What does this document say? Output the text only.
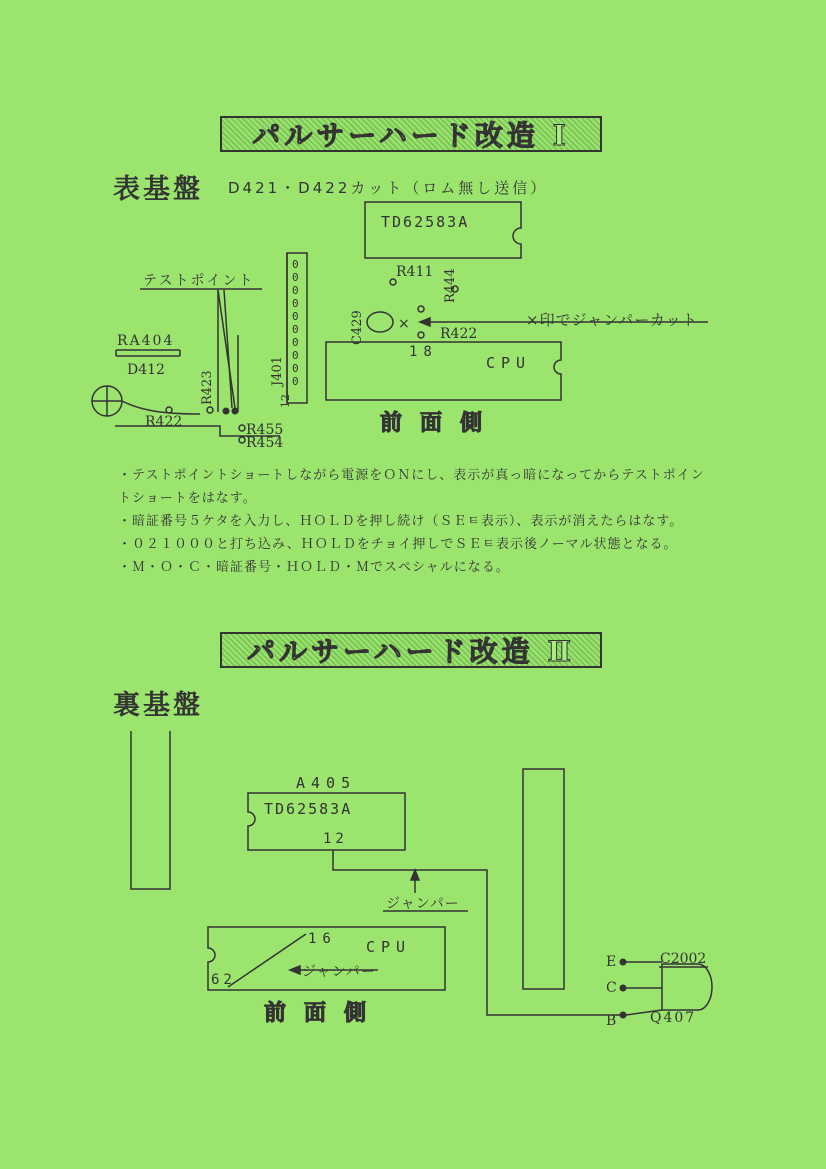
パルサーハード改造 Ⅰ
表基盤 D421・D422カット（ロム無し送信）
×
0
0
0
0
0
0
0
0
0
0
TD62583A
R411 R444
C429	R422
18
CPU
×印でジャンパーカット
テストポイント
RA404
D412
R423	J401
12
R422	R455
R454
前面側
・テストポイントショートしながら電源をＯＮにし、表示が真っ暗になってからテストポイントショートをはなす。
・暗証番号５ケタを入力し、ＨＯＬＤを押し続け（ＳＥㅌ表示）、表示が消えたらはなす。
・０２１０００と打ち込み、ＨＯＬＤをチョイ押しでＳＥㅌ表示後ノーマル状態となる。
・Ｍ・Ｏ・Ｃ・暗証番号・ＨＯＬＤ・Ｍでスペシャルになる。
パルサーハード改造 Ⅱ
裏基盤
A405
TD62583A
12
ジャンパー
16 CPU
ジャンパー
62
前面側
E
C
B
C2002
Q407
